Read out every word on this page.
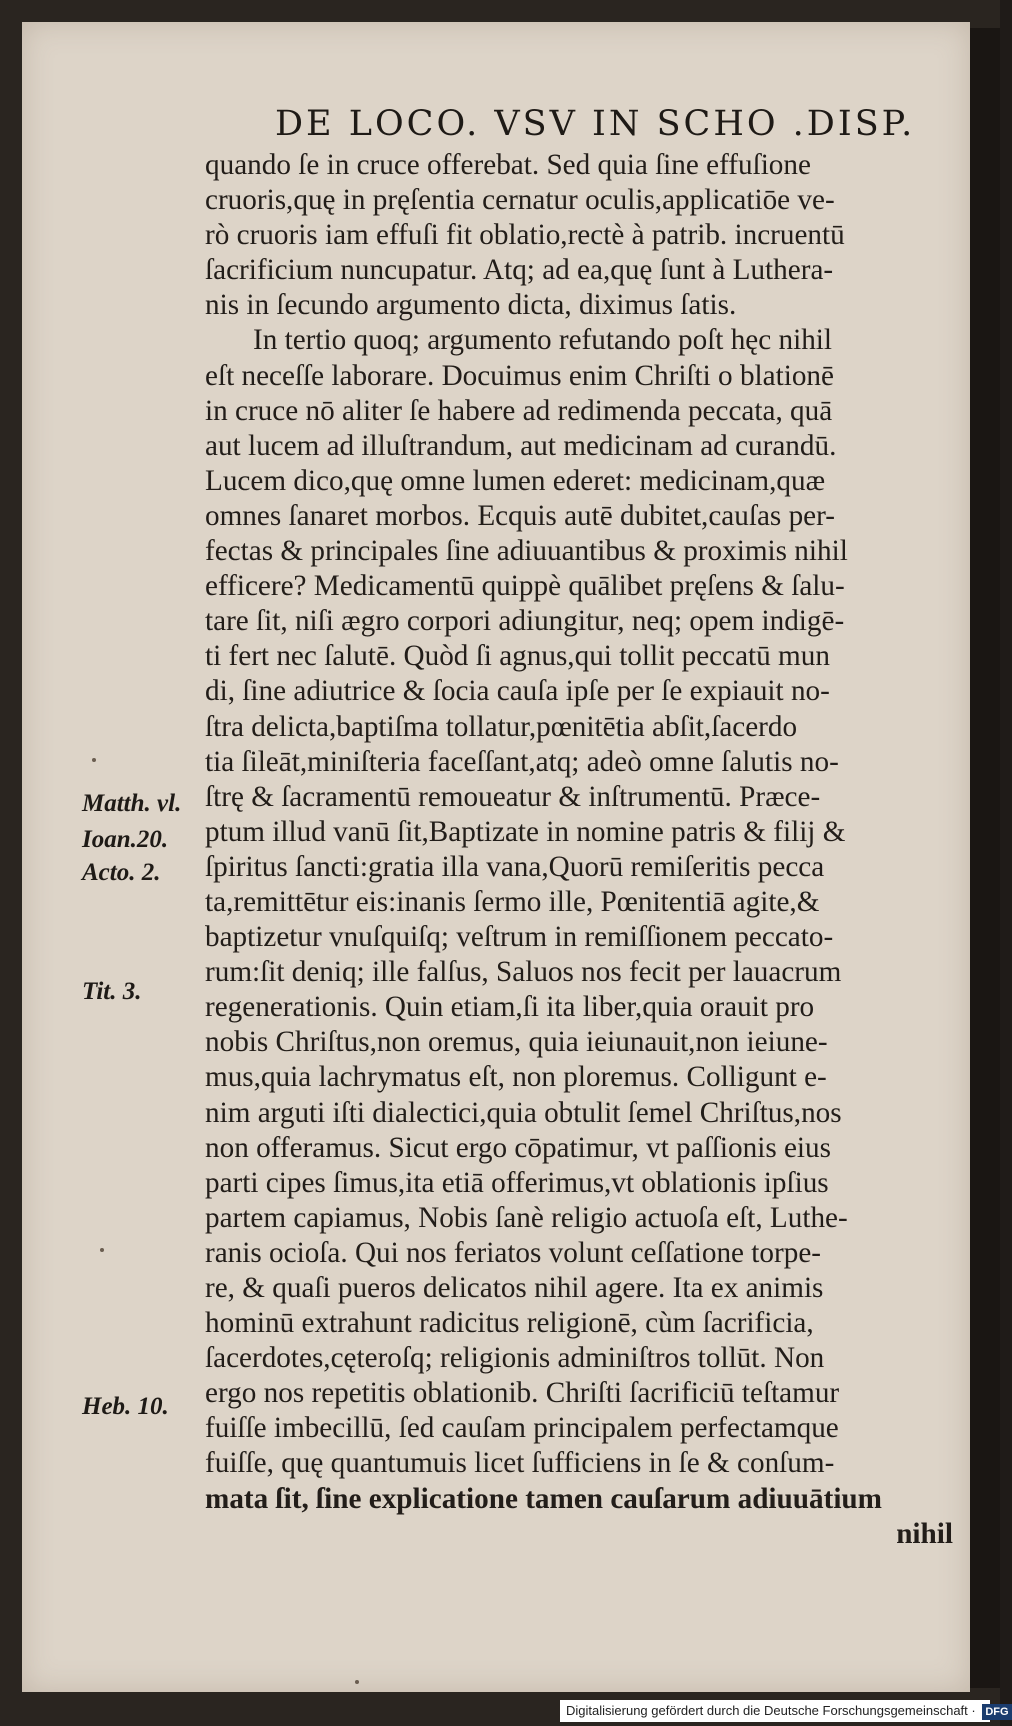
DE LOCO. VSV IN SCHO .DISP.
quando ſe in cruce offerebat. Sed quia ſine effuſione
cruoris,quę in pręſentia cernatur oculis,applicatiōe ve-
rò cruoris iam effuſi fit oblatio,rectè à patrib. incruentū
ſacrificium nuncupatur. Atq; ad ea,quę ſunt à Luthera-
nis in ſecundo argumento dicta, diximus ſatis.
In tertio quoq; argumento refutando poſt hęc nihil
eſt neceſſe laborare. Docuimus enim Chriſti o blationē
in cruce nō aliter ſe habere ad redimenda peccata, quā
aut lucem ad illuſtrandum, aut medicinam ad curandū.
Lucem dico,quę omne lumen ederet: medicinam,quæ
omnes ſanaret morbos. Ecquis autē dubitet,cauſas per-
fectas & principales ſine adiuuantibus & proximis nihil
efficere? Medicamentū quippè quālibet pręſens & ſalu-
tare ſit, niſi ægro corpori adiungitur, neq; opem indigē-
ti fert nec ſalutē. Quòd ſi agnus,qui tollit peccatū mun
di, ſine adiutrice & ſocia cauſa ipſe per ſe expiauit no-
ſtra delicta,baptiſma tollatur,pœnitētia abſit,ſacerdo
tia ſileāt,miniſteria faceſſant,atq; adeò omne ſalutis no-
ſtrę & ſacramentū remoueatur & inſtrumentū. Præce-
ptum illud vanū ſit,Baptizate in nomine patris & filij &
ſpiritus ſancti:gratia illa vana,Quorū remiſeritis pecca
ta,remittētur eis:inanis ſermo ille, Pœnitentiā agite,&
baptizetur vnuſquiſq; veſtrum in remiſſionem peccato-
rum:ſit deniq; ille falſus, Saluos nos fecit per lauacrum
regenerationis. Quin etiam,ſi ita liber,quia orauit pro
nobis Chriſtus,non oremus, quia ieiunauit,non ieiune-
mus,quia lachrymatus eſt, non ploremus. Colligunt e-
nim arguti iſti dialectici,quia obtulit ſemel Chriſtus,nos
non offeramus. Sicut ergo cōpatimur, vt paſſionis eius
parti cipes ſimus,ita etiā offerimus,vt oblationis ipſius
partem capiamus, Nobis ſanè religio actuoſa eſt, Luthe-
ranis ocioſa. Qui nos feriatos volunt ceſſatione torpe-
re, & quaſi pueros delicatos nihil agere. Ita ex animis
hominū extrahunt radicitus religionē, cùm ſacrificia,
ſacerdotes,cęteroſq; religionis adminiſtros tollūt. Non
ergo nos repetitis oblationib. Chriſti ſacrificiū teſtamur
fuiſſe imbecillū, ſed cauſam principalem perfectamque
fuiſſe, quę quantumuis licet ſufficiens in ſe & conſum-
mata ſit, ſine explicatione tamen cauſarum adiuuātium
nihil
Matth. vl.
Ioan.20.
Acto. 2.
Tit. 3.
Heb. 10.
Digitalisierung gefördert durch die Deutsche Forschungsgemeinschaft · DFG
